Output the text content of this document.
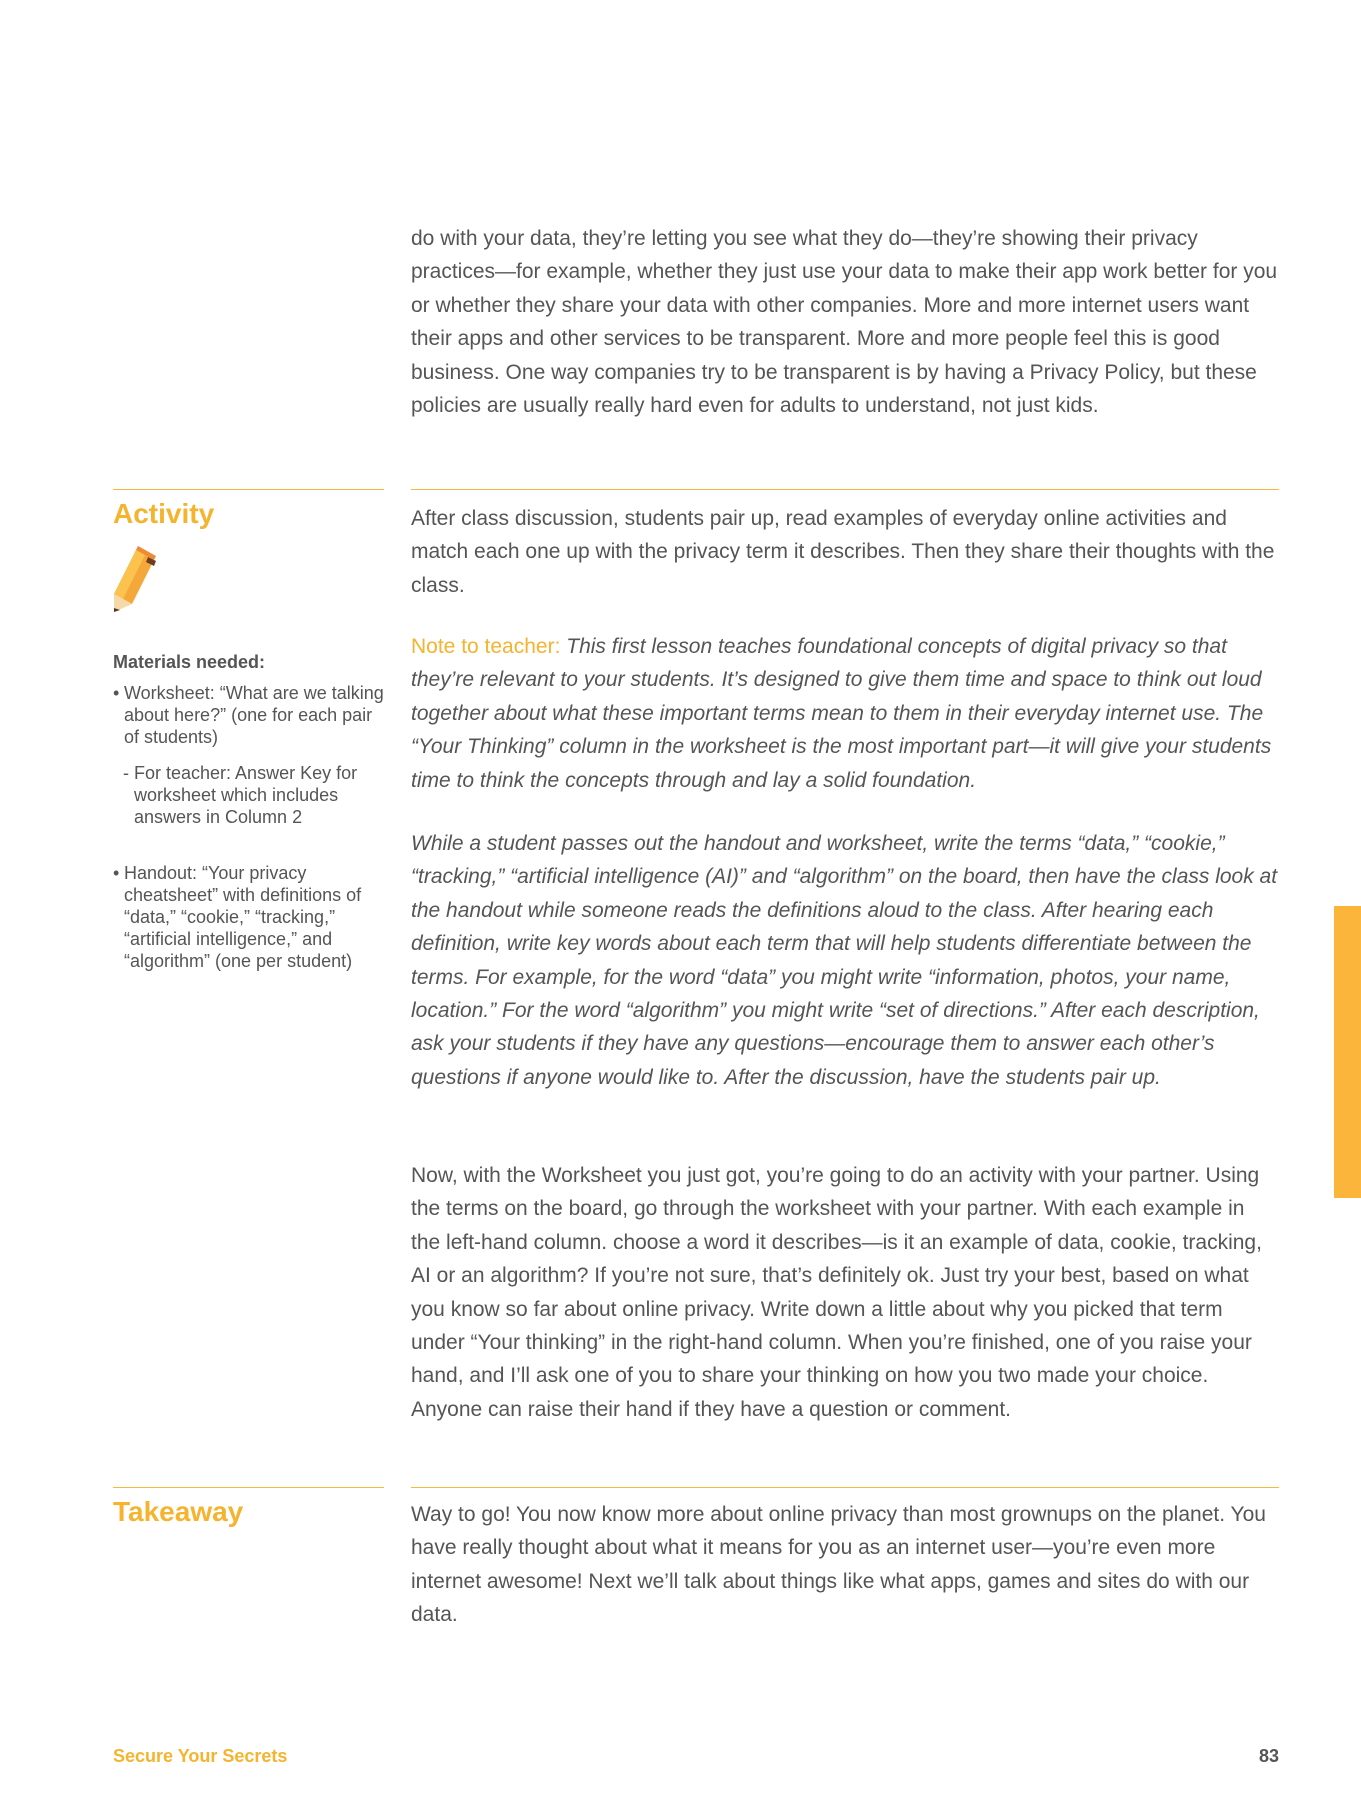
do with your data, they’re letting you see what they do—they’re showing their privacy practices—for example, whether they just use your data to make their app work better for you or whether they share your data with other companies. More and more internet users want their apps and other services to be transparent. More and more people feel this is good business. One way companies try to be transparent is by having a Privacy Policy, but these policies are usually really hard even for adults to understand, not just kids.

Activity

Materials needed:

• Worksheet: “What are we talking about here?” (one for each pair of students)
- For teacher: Answer Key for worksheet which includes answers in Column 2
• Handout: “Your privacy cheatsheet” with definitions of “data,” “cookie,” “tracking,” “artificial intelligence,” and “algorithm” (one per student)

After class discussion, students pair up, read examples of everyday online activities and match each one up with the privacy term it describes. Then they share their thoughts with the class.

Note to teacher: This first lesson teaches foundational concepts of digital privacy so that they’re relevant to your students. It’s designed to give them time and space to think out loud together about what these important terms mean to them in their everyday internet use. The “Your Thinking” column in the worksheet is the most important part—it will give your students time to think the concepts through and lay a solid foundation.

While a student passes out the handout and worksheet, write the terms “data,” “cookie,” “tracking,” “artificial intelligence (AI)” and “algorithm” on the board, then have the class look at the handout while someone reads the definitions aloud to the class. After hearing each definition, write key words about each term that will help students differentiate between the terms. For example, for the word “data” you might write “information, photos, your name, location.” For the word “algorithm” you might write “set of directions.” After each description, ask your students if they have any questions—encourage them to answer each other’s questions if anyone would like to. After the discussion, have the students pair up.

Now, with the Worksheet you just got, you’re going to do an activity with your partner. Using the terms on the board, go through the worksheet with your partner. With each example in the left-hand column. choose a word it describes—is it an example of data, cookie, tracking, AI or an algorithm? If you’re not sure, that’s definitely ok. Just try your best, based on what you know so far about online privacy. Write down a little about why you picked that term under “Your thinking” in the right-hand column. When you’re finished, one of you raise your hand, and I’ll ask one of you to share your thinking on how you two made your choice. Anyone can raise their hand if they have a question or comment.

Takeaway	Way to go! You now know more about online privacy than most grownups on the planet. You have really thought about what it means for you as an internet user—you’re even more internet awesome! Next we’ll talk about things like what apps, games and sites do with our data.

Secure Your Secrets	83
